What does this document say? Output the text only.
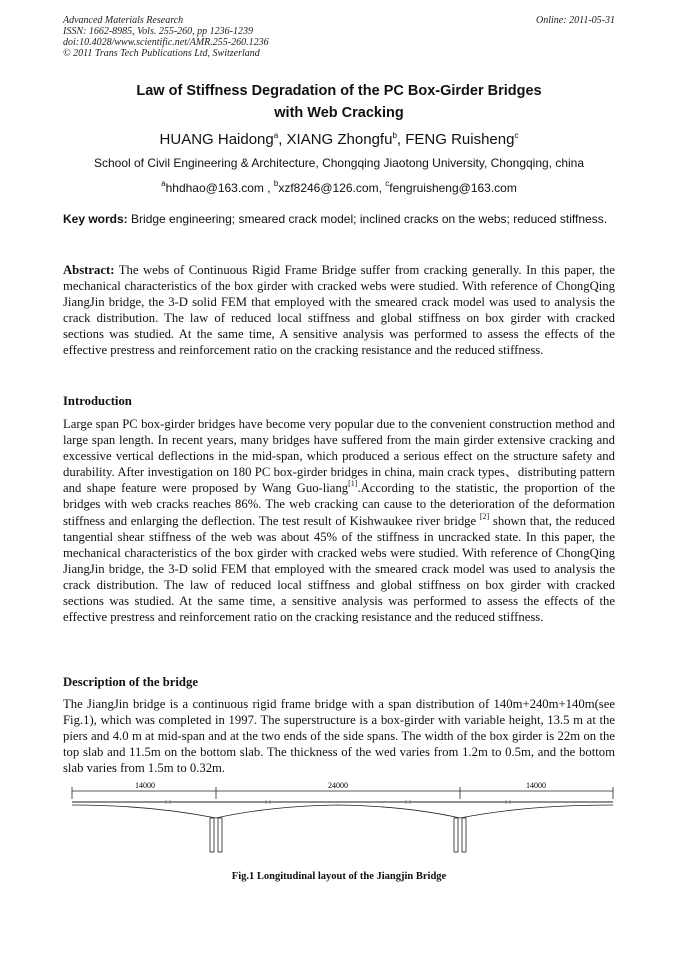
Advanced Materials Research
ISSN: 1662-8985, Vols. 255-260, pp 1236-1239
doi:10.4028/www.scientific.net/AMR.255-260.1236
© 2011 Trans Tech Publications Ltd, Switzerland
Online: 2011-05-31
Law of Stiffness Degradation of the PC Box-Girder Bridges
with Web Cracking
HUANG Haidong$^a$, XIANG Zhongfu$^b$, FENG Ruisheng$^c$
School of Civil Engineering & Architecture, Chongqing Jiaotong University, Chongqing, china
$^a$hhdhao@163.com , $^b$xzf8246@126.com, $^c$fengruisheng@163.com
Key words: Bridge engineering; smeared crack model; inclined cracks on the webs; reduced stiffness.
Abstract: The webs of Continuous Rigid Frame Bridge suffer from cracking generally. In this paper, the mechanical characteristics of the box girder with cracked webs were studied. With reference of ChongQing JiangJin bridge, the 3-D solid FEM that employed with the smeared crack model was used to analysis the crack distribution. The law of reduced local stiffness and global stiffness on box girder with cracked sections was studied. At the same time, A sensitive analysis was performed to assess the effects of the effective prestress and reinforcement ratio on the cracking resistance and the reduced stiffness.
Introduction
Large span PC box-girder bridges have become very popular due to the convenient construction method and large span length. In recent years, many bridges have suffered from the main girder extensive cracking and excessive vertical deflections in the mid-span, which produced a serious effect on the structure safety and durability. After investigation on 180 PC box-girder bridges in china, main crack types、distributing pattern and shape feature were proposed by Wang Guo-liang[1].According to the statistic, the proportion of the bridges with web cracks reaches 86%. The web cracking can cause to the deterioration of the deformation stiffness and enlarging the deflection. The test result of Kishwaukee river bridge [2] shown that, the reduced tangential shear stiffness of the web was about 45% of the stiffness in uncracked state. In this paper, the mechanical characteristics of the box girder with cracked webs were studied. With reference of ChongQing JiangJin bridge, the 3-D solid FEM that employed with the smeared crack model was used to analysis the crack distribution. The law of reduced local stiffness and global stiffness on box girder with cracked sections was studied. At the same time, a sensitive analysis was performed to assess the effects of the effective prestress and reinforcement ratio on the cracking resistance and the reduced stiffness.
Description of the bridge
The JiangJin bridge is a continuous rigid frame bridge with a span distribution of 140m+240m+140m(see Fig.1), which was completed in 1997. The superstructure is a box-girder with variable height, 13.5 m at the piers and 4.0 m at mid-span and at the two ends of the side spans. The width of the box girder is 22m on the top slab and 11.5m on the bottom slab. The thickness of the wed varies from 1.2m to 0.5m, and the bottom slab varies from 1.5m to 0.32m.
14000	24000	14000
Fig.1 Longitudinal layout of the Jiangjin Bridge
